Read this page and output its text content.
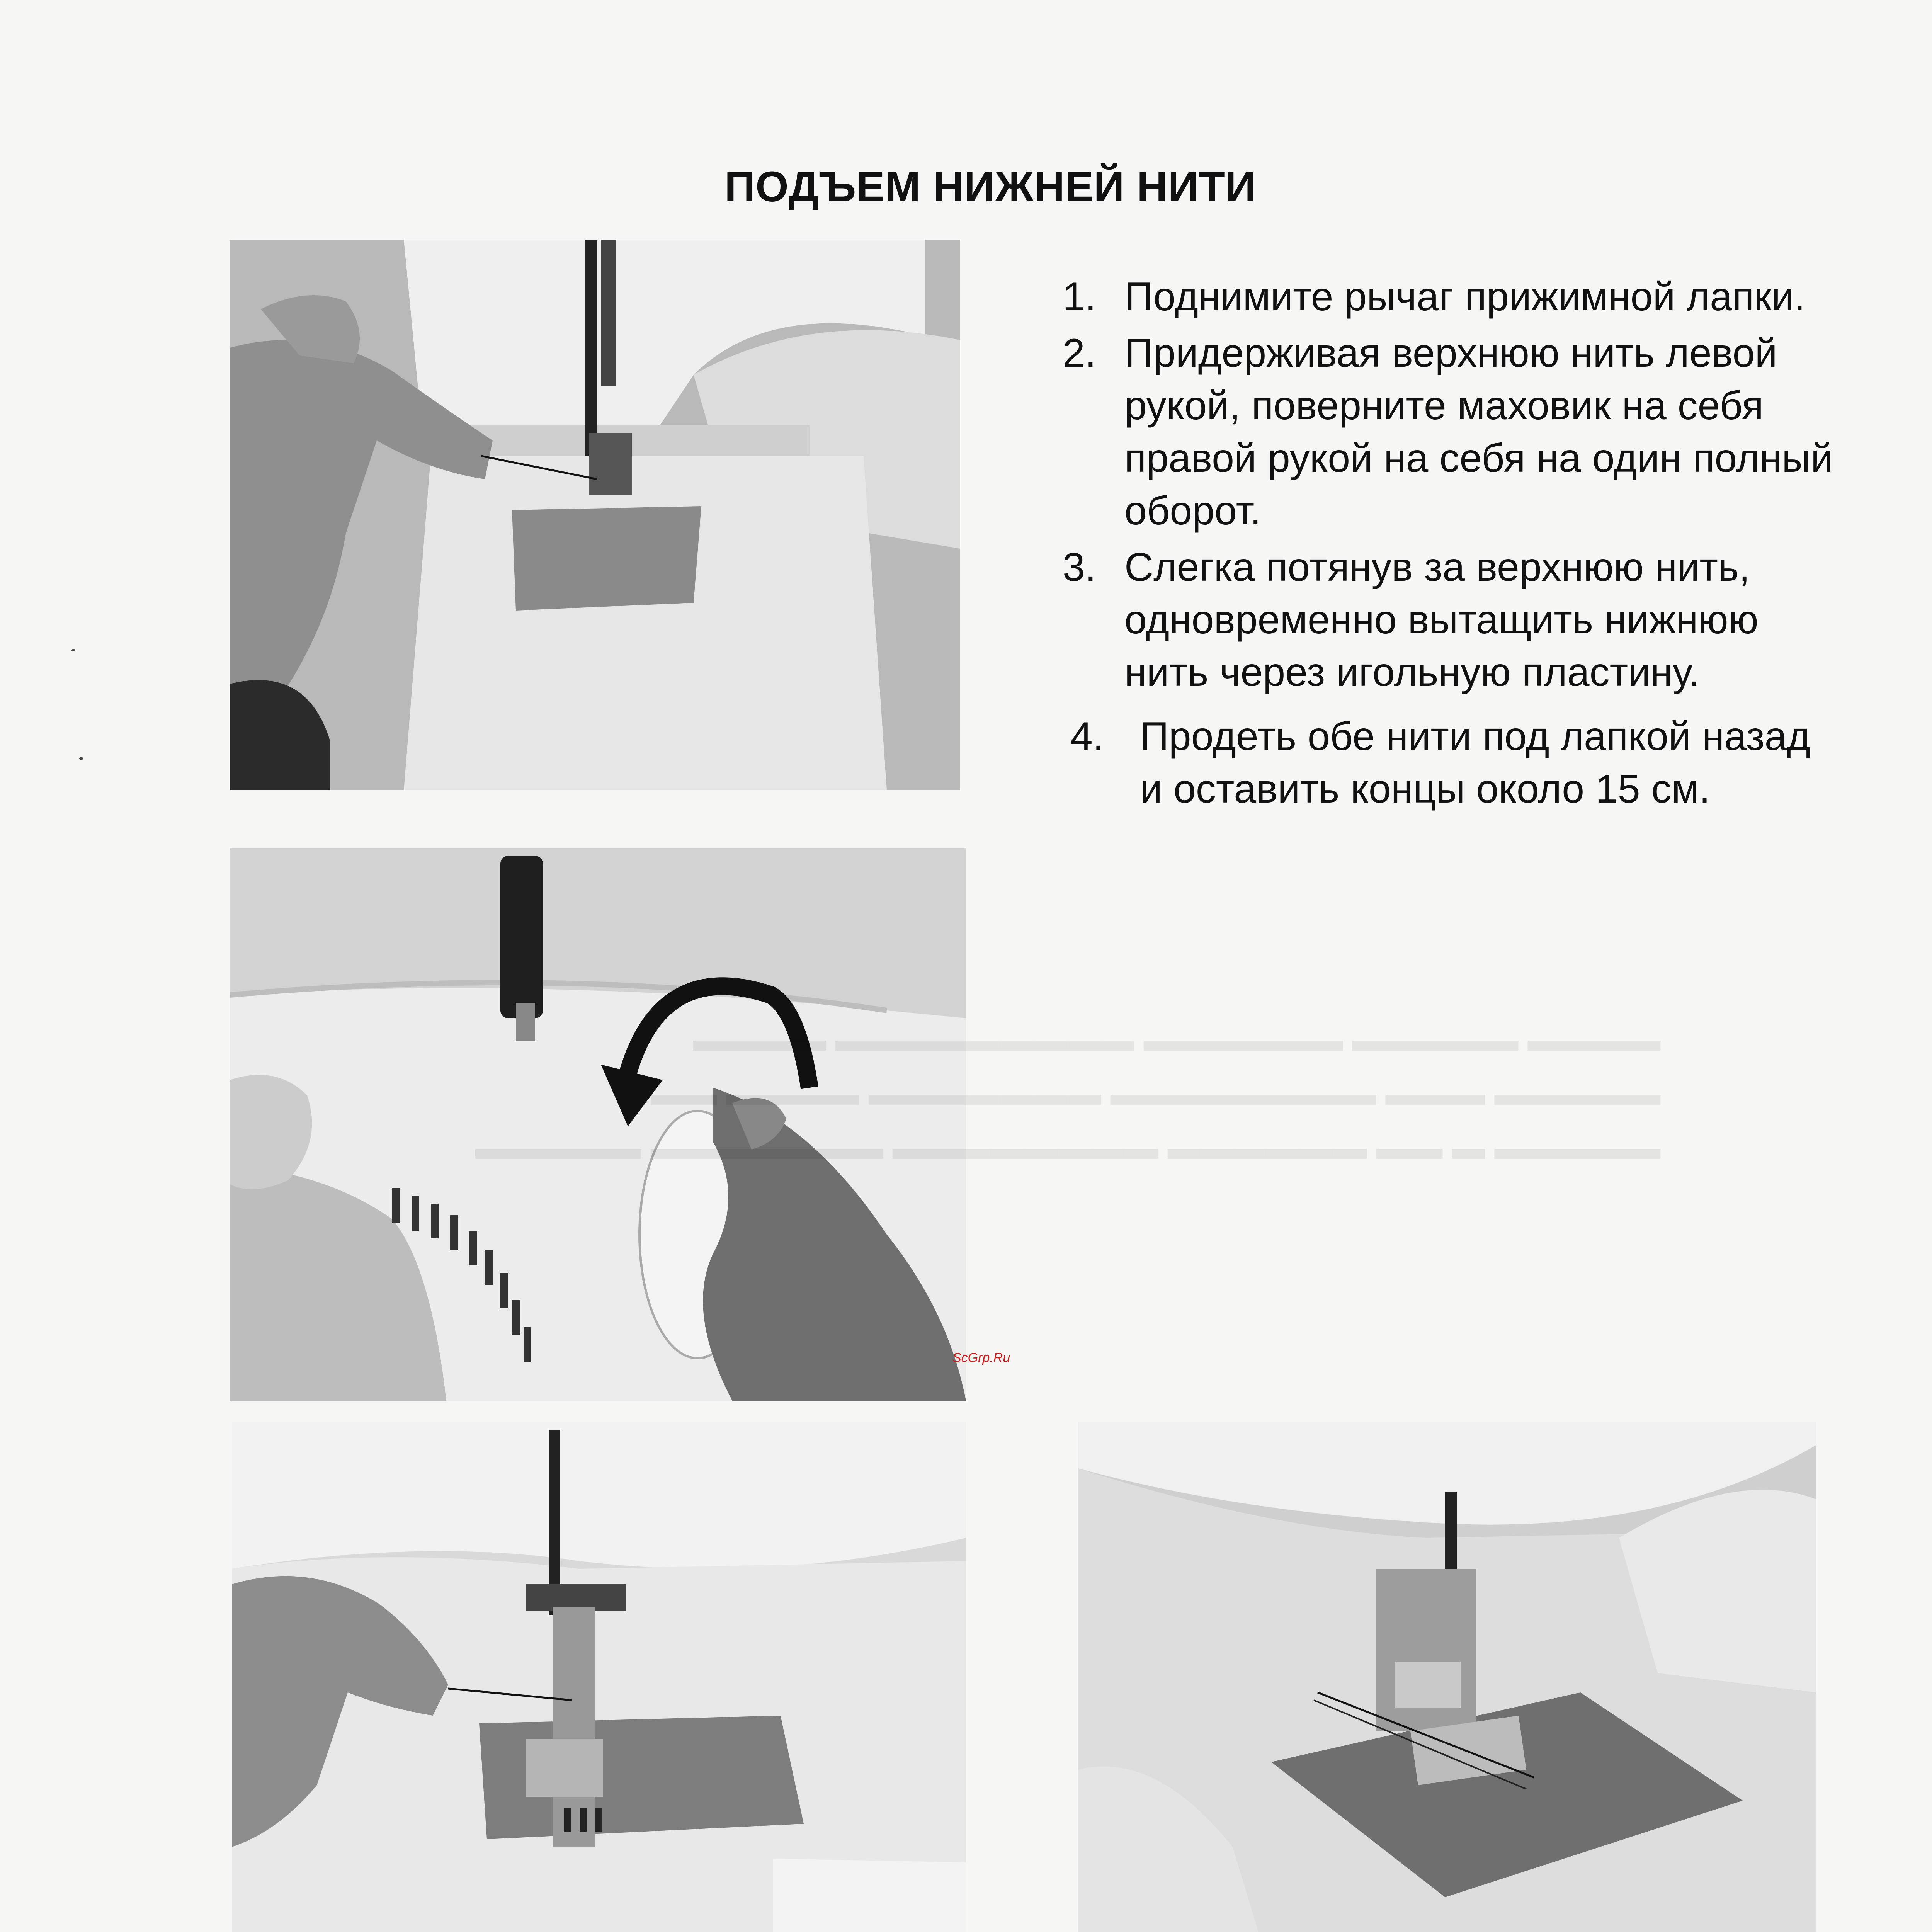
ПОДЪЕМ НИЖНЕЙ НИТИ
1. Поднимите рычаг прижимной лапки.
2. Придерживая верхнюю нить левой рукой, поверните маховик на себя правой рукой на себя на один полный оборот.
3. Слегка потянув за верхнюю нить, одновременно вытащить нижнюю нить через игольную пластину.
4. Продеть обе нити под лапкой назад и оставить концы около 15 см.
▬▬▬▬ ▬▬▬▬▬ ▬▬▬▬▬▬ ▬▬▬▬▬▬▬▬▬ ▬▬▬▬
▬▬▬▬▬ ▬▬▬ ▬▬▬▬▬▬▬▬ ▬▬▬▬▬▬▬ ▬▬▬▬ ▬▬
▬▬▬▬▬ ▬ ▬▬ ▬▬▬▬▬▬ ▬▬▬▬▬▬▬▬ ▬▬▬▬▬▬▬ ▬▬▬▬▬

ScGrp.Ru
